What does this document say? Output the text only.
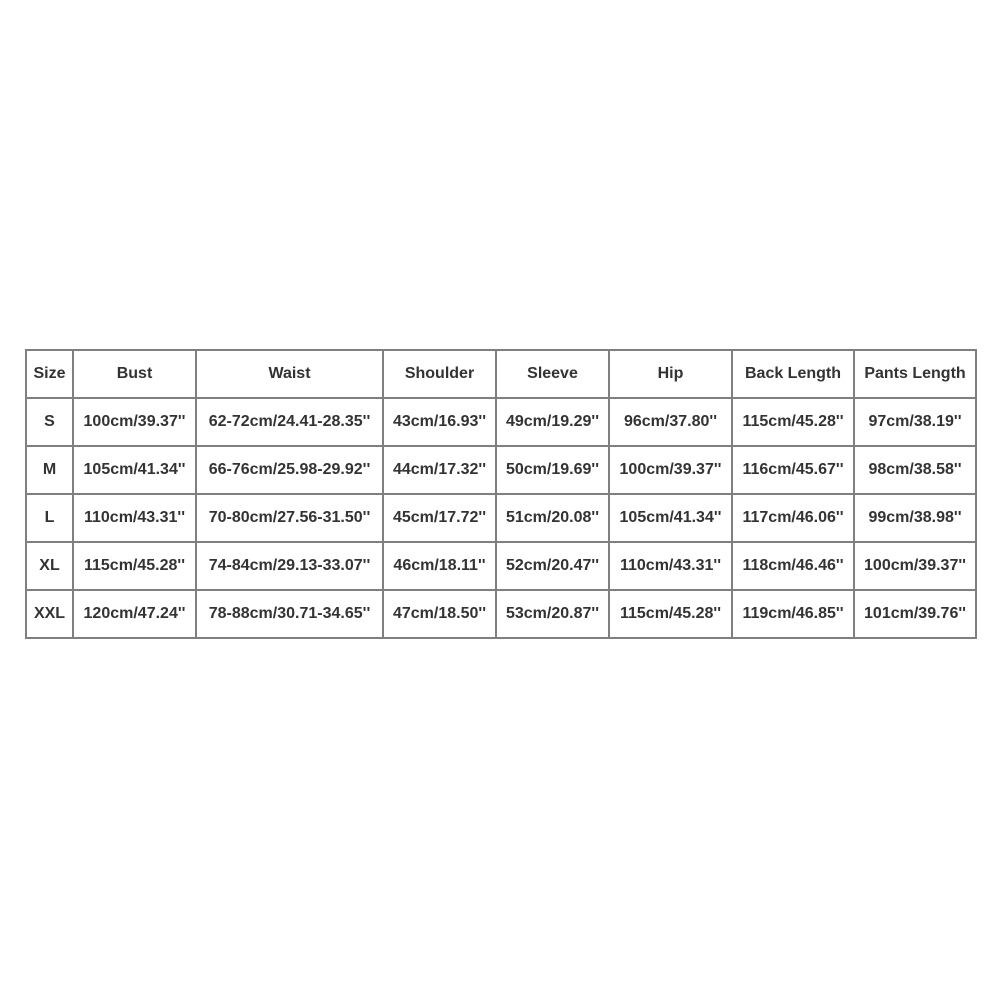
Size	Bust	Waist	Shoulder	Sleeve	Hip	Back Length	Pants Length
S	100cm/39.37''	62-72cm/24.41-28.35''	43cm/16.93''	49cm/19.29''	96cm/37.80''	115cm/45.28''	97cm/38.19''
M	105cm/41.34''	66-76cm/25.98-29.92''	44cm/17.32''	50cm/19.69''	100cm/39.37''	116cm/45.67''	98cm/38.58''
L	110cm/43.31''	70-80cm/27.56-31.50''	45cm/17.72''	51cm/20.08''	105cm/41.34''	117cm/46.06''	99cm/38.98''
XL	115cm/45.28''	74-84cm/29.13-33.07''	46cm/18.11''	52cm/20.47''	110cm/43.31''	118cm/46.46''	100cm/39.37''
XXL	120cm/47.24''	78-88cm/30.71-34.65''	47cm/18.50''	53cm/20.87''	115cm/45.28''	119cm/46.85''	101cm/39.76''
